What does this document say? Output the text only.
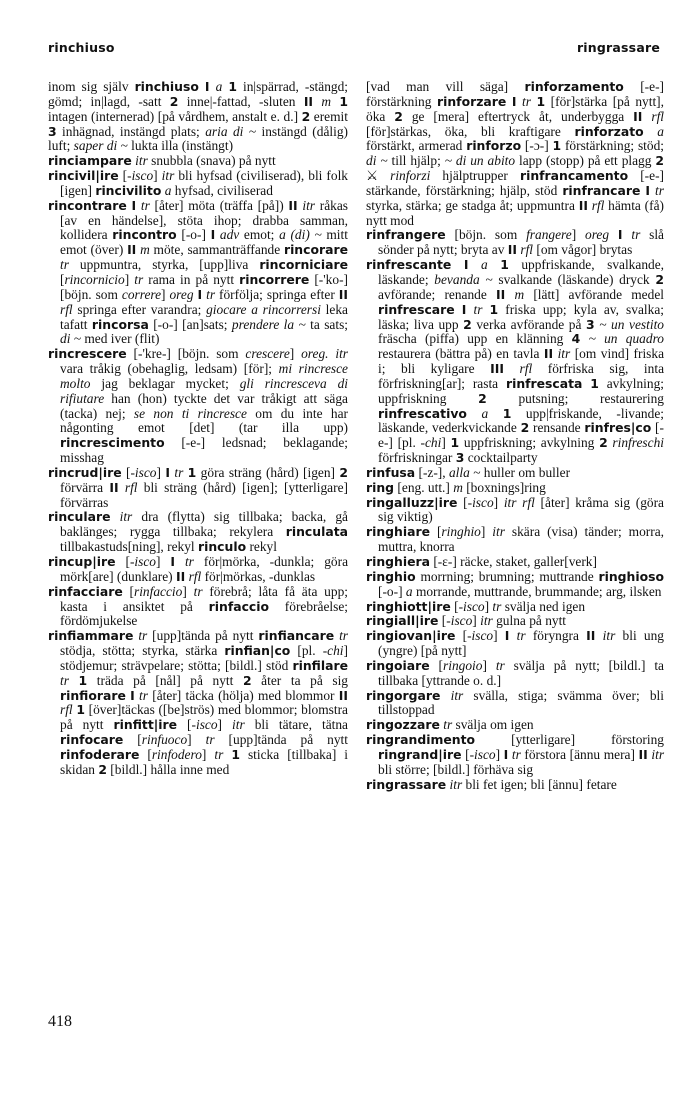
rinchiuso	ringrassare

inom sig själv rinchiuso I a 1 in|spärrad, -stängd; gömd; in|lagd, -satt 2 inne|-fattad, -sluten II m 1 intagen (internerad) [på vårdhem, anstalt e. d.] 2 eremit 3 inhägnad, instängd plats; aria di ~ instängd (dålig) luft; saper di ~ lukta illa (instängt)

rinciampare itr snubbla (snava) på nytt

rincivil|ire [-isco] itr bli hyfsad (civiliserad), bli folk [igen] rincivilito a hyfsad, civiliserad

rincontrare I tr [åter] möta (träffa [på]) II itr råkas [av en händelse], stöta ihop; drabba samman, kollidera rincontro [-o-] I adv emot; a (di) ~ mitt emot (över) II m möte, sammanträffande rincorare tr uppmuntra, styrka, [upp]liva rincorniciare [rincornicio] tr rama in på nytt rincorrere [-'ko-] [böjn. som correre] oreg I tr förfölja; springa efter II rfl springa efter varandra; giocare a rincorrersi leka tafatt rincorsa [-o-] [an]sats; prendere la ~ ta sats; di ~ med iver (flit)

rincrescere [-'kre-] [böjn. som crescere] oreg. itr vara tråkig (obehaglig, ledsam) [för]; mi rincresce molto jag beklagar mycket; gli rincresceva di rifiutare han (hon) tyckte det var tråkigt att säga (tacka) nej; se non ti rincresce om du inte har någonting emot [det] (tar illa upp) rincrescimento [-e-] ledsnad; beklagande; misshag

rincrud|ire [-isco] I tr 1 göra sträng (hård) [igen] 2 förvärra II rfl bli sträng (hård) [igen]; [ytterligare] förvärras

rinculare itr dra (flytta) sig tillbaka; backa, gå baklänges; rygga tillbaka; rekylera rinculata tillbakastuds[ning], rekyl rinculo rekyl

rincup|ire [-isco] I tr för|mörka, -dunkla; göra mörk[are] (dunklare) II rfl för|mörkas, -dunklas

rinfacciare [rinfaccio] tr förebrå; låta få äta upp; kasta i ansiktet på rinfaccio förebråelse; fördömjukelse

rinfiammare tr [upp]tända på nytt rinfiancare tr stödja, stötta; styrka, stärka rinfian|co [pl. -chi] stödjemur; strävpelare; stötta; [bildl.] stöd rinfilare tr 1 träda på [nål] på nytt 2 åter ta på sig rinfiorare I tr [åter] täcka (hölja) med blommor II rfl 1 [över]täckas ([be]strös) med blommor; blomstra på nytt rinfitt|ire [-isco] itr bli tätare, tätna rinfocare [rinfuoco] tr [upp]tända på nytt rinfoderare [rinfodero] tr 1 sticka [tillbaka] i skidan 2 [bildl.] hålla inne med

[vad man vill säga] rinforzamento [-e-] förstärkning rinforzare I tr 1 [för]stärka [på nytt], öka 2 ge [mera] eftertryck åt, underbygga II rfl [för]stärkas, öka, bli kraftigare rinforzato a förstärkt, armerad rinforzo [-ɔ-] 1 förstärkning; stöd; di ~ till hjälp; ~ di un abito lapp (stopp) på ett plagg 2 ⚔ rinforzi hjälptrupper rinfrancamento [-e-] stärkande, förstärkning; hjälp, stöd rinfrancare I tr styrka, stärka; ge stadga åt; uppmuntra II rfl hämta (få) nytt mod

rinfrangere [böjn. som frangere] oreg I tr slå sönder på nytt; bryta av II rfl [om vågor] brytas

rinfrescante I a 1 uppfriskande, svalkande, läskande; bevanda ~ svalkande (läskande) dryck 2 avförande; renande II m [lätt] avförande medel rinfrescare I tr 1 friska upp; kyla av, svalka; läska; liva upp 2 verka avförande på 3 ~ un vestito fräscha (piffa) upp en klänning 4 ~ un quadro restaurera (bättra på) en tavla II itr [om vind] friska i; bli kyligare III rfl förfriska sig, inta förfriskning[ar]; rasta rinfrescata 1 avkylning; uppfriskning 2 putsning; restaurering rinfrescativo a 1 upp|friskande, -livande; läskande, vederkvickande 2 rensande rinfres|co [-e-] [pl. -chi] 1 uppfriskning; avkylning 2 rinfreschi förfriskningar 3 cocktailparty

rinfusa [-z-], alla ~ huller om buller

ring [eng. utt.] m [boxnings]ring

ringalluzz|ire [-isco] itr rfl [åter] kråma sig (göra sig viktig)

ringhiare [ringhio] itr skära (visa) tänder; morra, muttra, knorra

ringhiera [-ε-] räcke, staket, galler[verk]

ringhio morrning; brumning; muttrande ringhioso [-o-] a morrande, muttrande, brummande; arg, ilsken

ringhiott|ire [-isco] tr svälja ned igen

ringiall|ire [-isco] itr gulna på nytt

ringiovan|ire [-isco] I tr föryngra II itr bli ung (yngre) [på nytt]

ringoiare [ringoio] tr svälja på nytt; [bildl.] ta tillbaka [yttrande o. d.]

ringorgare itr svälla, stiga; svämma över; bli tillstoppad

ringozzare tr svälja om igen

ringrandimento [ytterligare] förstoring ringrand|ire [-isco] I tr förstora [ännu mera] II itr bli större; [bildl.] förhäva sig

ringrassare itr bli fet igen; bli [ännu] fetare

418
